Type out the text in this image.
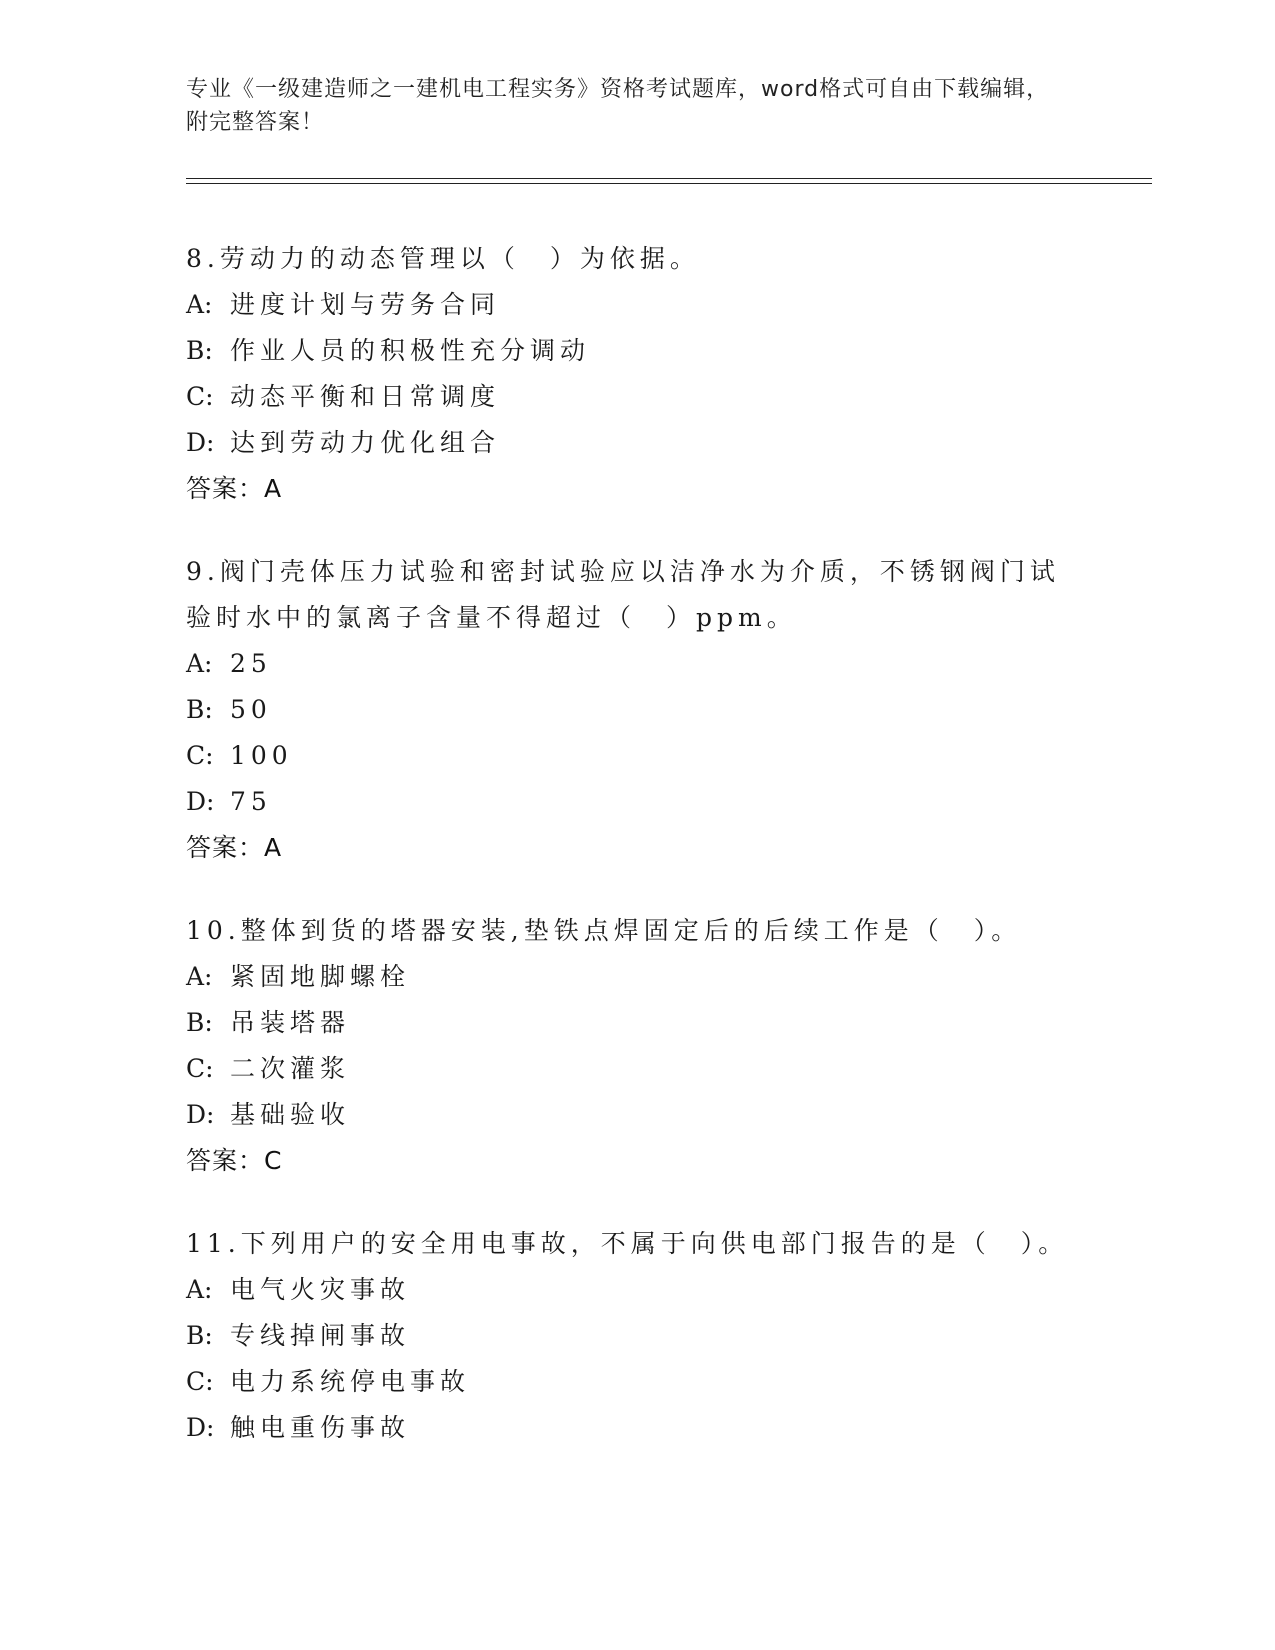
专业《一级建造师之一建机电工程实务》资格考试题库，word格式可自由下载编辑，附完整答案！
8.劳动力的动态管理以（　）为依据。
A: 进度计划与劳务合同
B: 作业人员的积极性充分调动
C: 动态平衡和日常调度
D: 达到劳动力优化组合
答案：A
9.阀门壳体压力试验和密封试验应以洁净水为介质，不锈钢阀门试验时水中的氯离子含量不得超过（　）ppm。
A: 25
B: 50
C: 100
D: 75
答案：A
10.整体到货的塔器安装,垫铁点焊固定后的后续工作是（　）。
A: 紧固地脚螺栓
B: 吊装塔器
C: 二次灌浆
D: 基础验收
答案：C
11.下列用户的安全用电事故，不属于向供电部门报告的是（　）。
A: 电气火灾事故
B: 专线掉闸事故
C: 电力系统停电事故
D: 触电重伤事故
